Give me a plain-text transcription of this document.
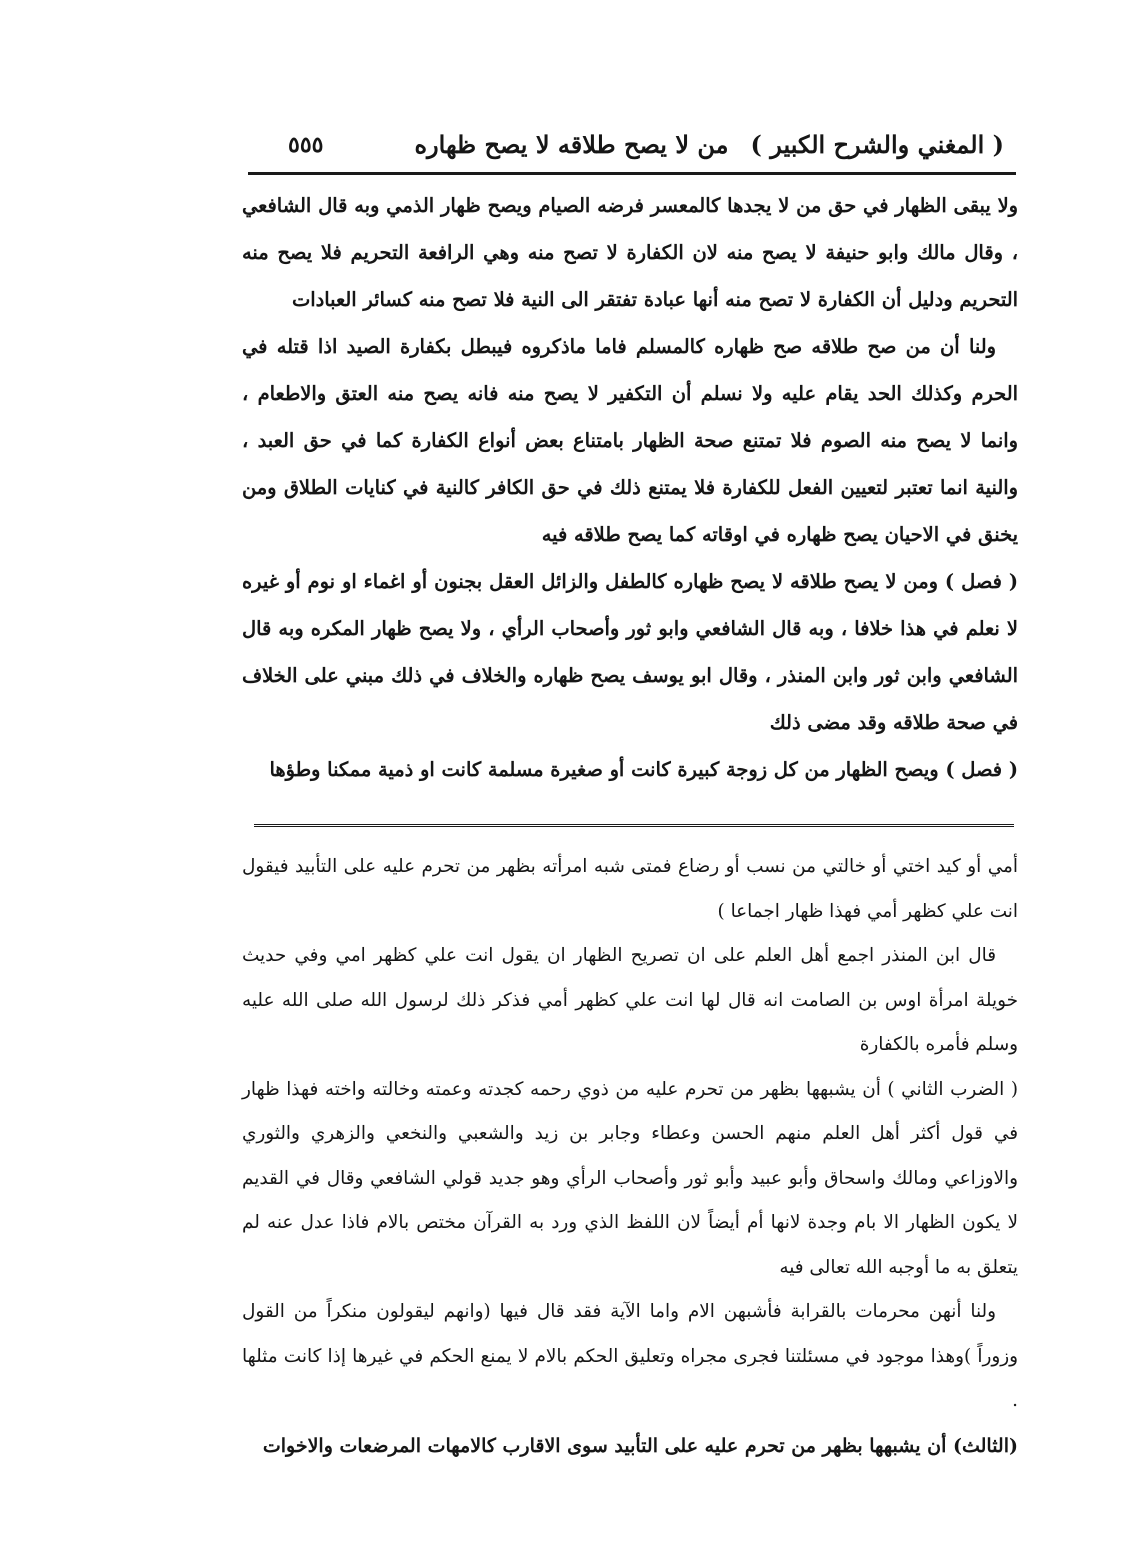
( المغني والشرح الكبير )من لا يصح طلاقه لا يصح ظهاره
٥٥٥

ولا يبقى الظهار في حق من لا يجدها كالمعسر فرضه الصيام ويصح ظهار الذمي وبه قال الشافعي ، وقال مالك وابو حنيفة لا يصح منه لان الكفارة لا تصح منه وهي الرافعة التحريم فلا يصح منه التحريم ودليل أن الكفارة لا تصح منه أنها عبادة تفتقر الى النية فلا تصح منه كسائر العبادات

ولنا أن من صح طلاقه صح ظهاره كالمسلم فاما ماذكروه فيبطل بكفارة الصيد اذا قتله في الحرم وكذلك الحد يقام عليه ولا نسلم أن التكفير لا يصح منه فانه يصح منه العتق والاطعام ، وانما لا يصح منه الصوم فلا تمتنع صحة الظهار بامتناع بعض أنواع الكفارة كما في حق العبد ، والنية انما تعتبر لتعيين الفعل للكفارة فلا يمتنع ذلك في حق الكافر كالنية في كنايات الطلاق ومن يخنق في الاحيان يصح ظهاره في اوقاته كما يصح طلاقه فيه

( فصل ) ومن لا يصح طلاقه لا يصح ظهاره كالطفل والزائل العقل بجنون أو اغماء او نوم أو غيره لا نعلم في هذا خلافا ، وبه قال الشافعي وابو ثور وأصحاب الرأي ، ولا يصح ظهار المكره وبه قال الشافعي وابن ثور وابن المنذر ، وقال ابو يوسف يصح ظهاره والخلاف في ذلك مبني على الخلاف في صحة طلاقه وقد مضى ذلك

( فصل ) ويصح الظهار من كل زوجة كبيرة كانت أو صغيرة مسلمة كانت او ذمية ممكنا وطؤها

أمي أو كيد اختي أو خالتي من نسب أو رضاع فمتى شبه امرأته بظهر من تحرم عليه على التأبيد فيقول انت علي كظهر أمي فهذا ظهار اجماعا )

قال ابن المنذر اجمع أهل العلم على ان تصريح الظهار ان يقول انت علي كظهر امي وفي حديث خويلة امرأة اوس بن الصامت انه قال لها انت علي كظهر أمي فذكر ذلك لرسول الله صلى الله عليه وسلم فأمره بالكفارة

( الضرب الثاني ) أن يشبهها بظهر من تحرم عليه من ذوي رحمه كجدته وعمته وخالته واخته فهذا ظهار في قول أكثر أهل العلم منهم الحسن وعطاء وجابر بن زيد والشعبي والنخعي والزهري والثوري والاوزاعي ومالك واسحاق وأبو عبيد وأبو ثور وأصحاب الرأي وهو جديد قولي الشافعي وقال في القديم لا يكون الظهار الا بام وجدة لانها أم أيضاً لان اللفظ الذي ورد به القرآن مختص بالام فاذا عدل عنه لم يتعلق به ما أوجبه الله تعالى فيه

ولنا أنهن محرمات بالقرابة فأشبهن الام واما الآية فقد قال فيها (وانهم ليقولون منكراً من القول وزوراً )وهذا موجود في مسئلتنا فجرى مجراه وتعليق الحكم بالام لا يمنع الحكم في غيرها إذا كانت مثلها .

(الثالث) أن يشبهها بظهر من تحرم عليه على التأبيد سوى الاقارب كالامهات المرضعات والاخوات
